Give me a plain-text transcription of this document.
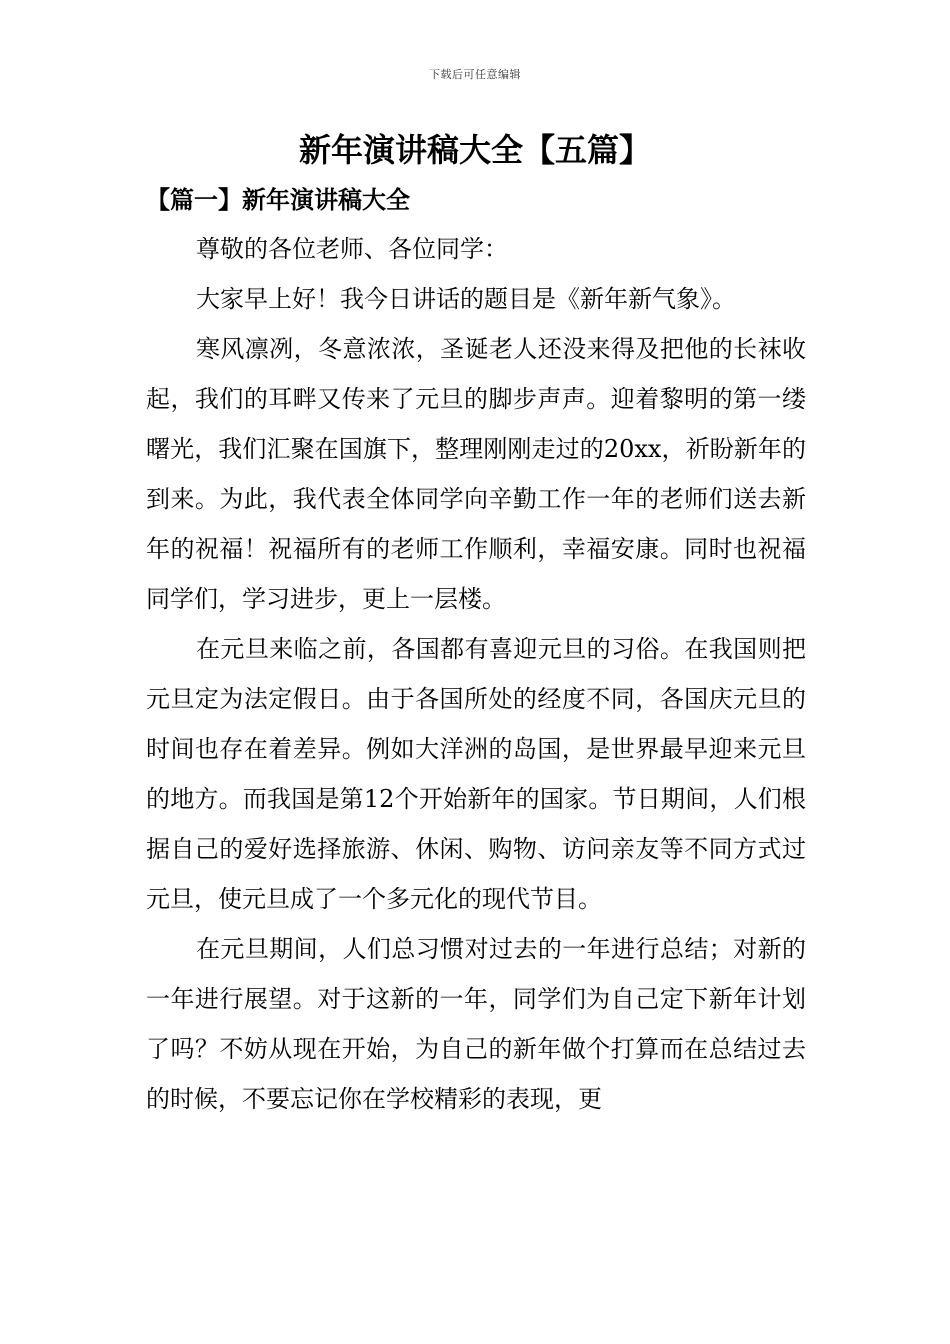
下载后可任意编辑
新年演讲稿大全【五篇】
【篇一】新年演讲稿大全

尊敬的各位老师、各位同学：

大家早上好！我今日讲话的题目是《新年新气象》。

寒风凛冽，冬意浓浓，圣诞老人还没来得及把他的长袜收起，我们的耳畔又传来了元旦的脚步声声。迎着黎明的第一缕曙光，我们汇聚在国旗下，整理刚刚走过的20xx，祈盼新年的到来。为此，我代表全体同学向辛勤工作一年的老师们送去新年的祝福！祝福所有的老师工作顺利，幸福安康。同时也祝福同学们，学习进步，更上一层楼。

在元旦来临之前，各国都有喜迎元旦的习俗。在我国则把元旦定为法定假日。由于各国所处的经度不同，各国庆元旦的时间也存在着差异。例如大洋洲的岛国，是世界最早迎来元旦的地方。而我国是第12个开始新年的国家。节日期间，人们根据自己的爱好选择旅游、休闲、购物、访问亲友等不同方式过元旦，使元旦成了一个多元化的现代节目。

在元旦期间，人们总习惯对过去的一年进行总结；对新的一年进行展望。对于这新的一年，同学们为自己定下新年计划了吗？不妨从现在开始，为自己的新年做个打算而在总结过去的时候，不要忘记你在学校精彩的表现，更
